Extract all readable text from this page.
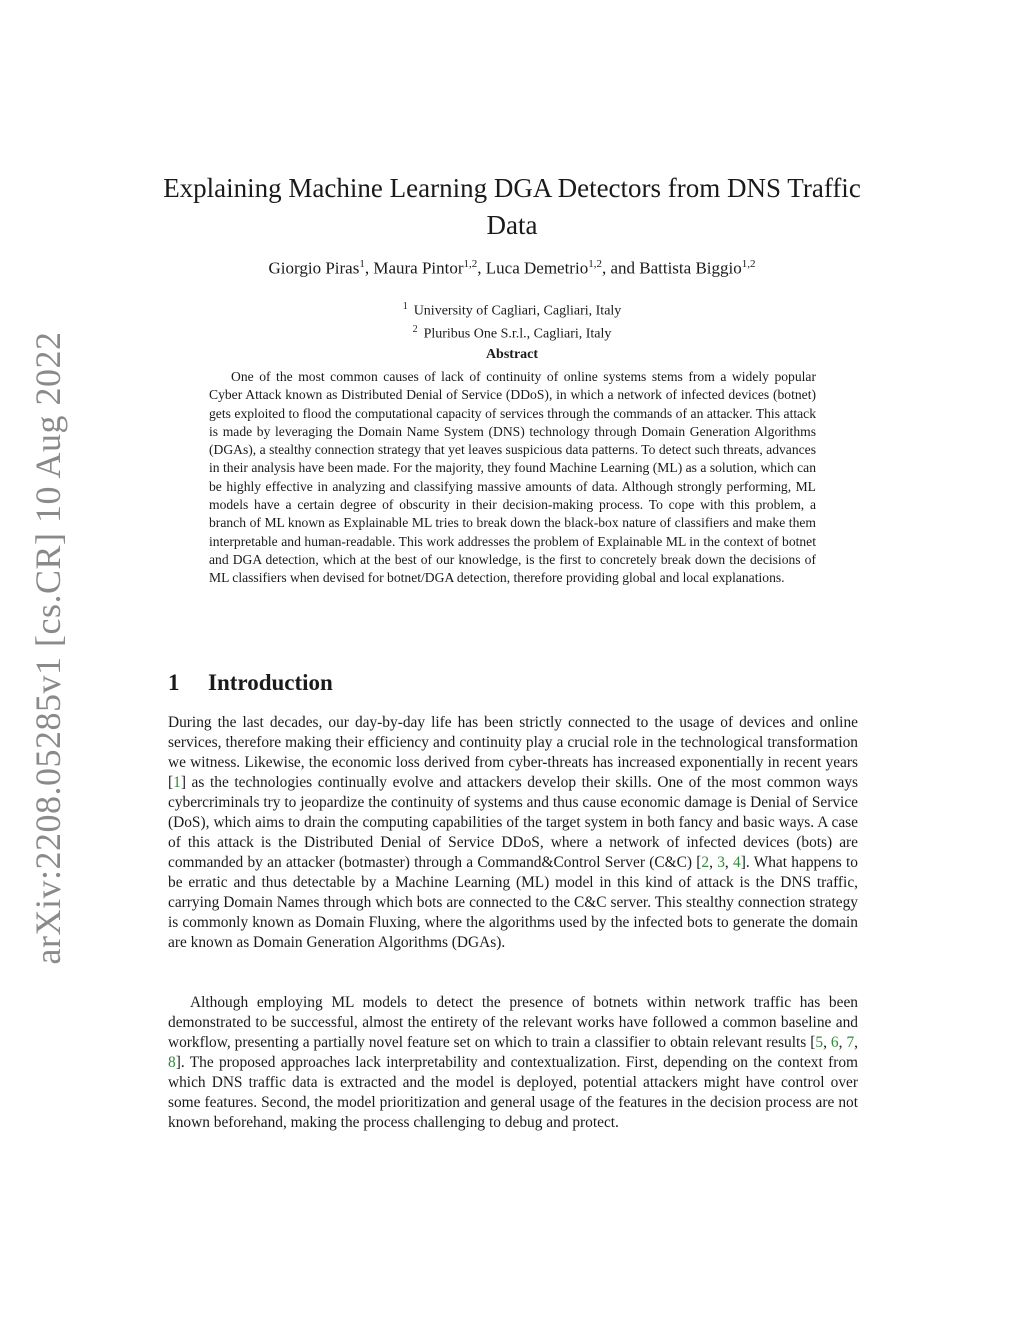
arXiv:2208.05285v1 [cs.CR] 10 Aug 2022
Explaining Machine Learning DGA Detectors from DNS Traffic Data
Giorgio Piras$^1$, Maura Pintor$^{1,2}$, Luca Demetrio$^{1,2}$, and Battista Biggio$^{1,2}$
$^1$ University of Cagliari, Cagliari, Italy
$^2$ Pluribus One S.r.l., Cagliari, Italy
Abstract

One of the most common causes of lack of continuity of online systems stems from a widely popular Cyber Attack known as Distributed Denial of Service (DDoS), in which a network of infected devices (botnet) gets exploited to flood the computational capacity of services through the commands of an attacker. This attack is made by leveraging the Domain Name System (DNS) technology through Domain Generation Algorithms (DGAs), a stealthy connection strategy that yet leaves suspicious data patterns. To detect such threats, advances in their analysis have been made. For the majority, they found Machine Learning (ML) as a solution, which can be highly effective in analyzing and classifying massive amounts of data. Although strongly performing, ML models have a certain degree of obscurity in their decision-making process. To cope with this problem, a branch of ML known as Explainable ML tries to break down the black-box nature of classifiers and make them interpretable and human-readable. This work addresses the problem of Explainable ML in the context of botnet and DGA detection, which at the best of our knowledge, is the first to concretely break down the decisions of ML classifiers when devised for botnet/DGA detection, therefore providing global and local explanations.

1 Introduction

During the last decades, our day-by-day life has been strictly connected to the usage of devices and online services, therefore making their efficiency and continuity play a crucial role in the technological transformation we witness. Likewise, the economic loss derived from cyber-threats has increased exponentially in recent years [1] as the technologies continually evolve and attackers develop their skills. One of the most common ways cybercriminals try to jeopardize the continuity of systems and thus cause economic damage is Denial of Service (DoS), which aims to drain the computing capabilities of the target system in both fancy and basic ways. A case of this attack is the Distributed Denial of Service DDoS, where a network of infected devices (bots) are commanded by an attacker (botmaster) through a Command&Control Server (C&C) [2, 3, 4]. What happens to be erratic and thus detectable by a Machine Learning (ML) model in this kind of attack is the DNS traffic, carrying Domain Names through which bots are connected to the C&C server. This stealthy connection strategy is commonly known as Domain Fluxing, where the algorithms used by the infected bots to generate the domain are known as Domain Generation Algorithms (DGAs).

Although employing ML models to detect the presence of botnets within network traffic has been demonstrated to be successful, almost the entirety of the relevant works have followed a common baseline and workflow, presenting a partially novel feature set on which to train a classifier to obtain relevant results [5, 6, 7, 8]. The proposed approaches lack interpretability and contextualization. First, depending on the context from which DNS traffic data is extracted and the model is deployed, potential attackers might have control over some features. Second, the model prioritization and general usage of the features in the decision process are not known beforehand, making the process challenging to debug and protect.
